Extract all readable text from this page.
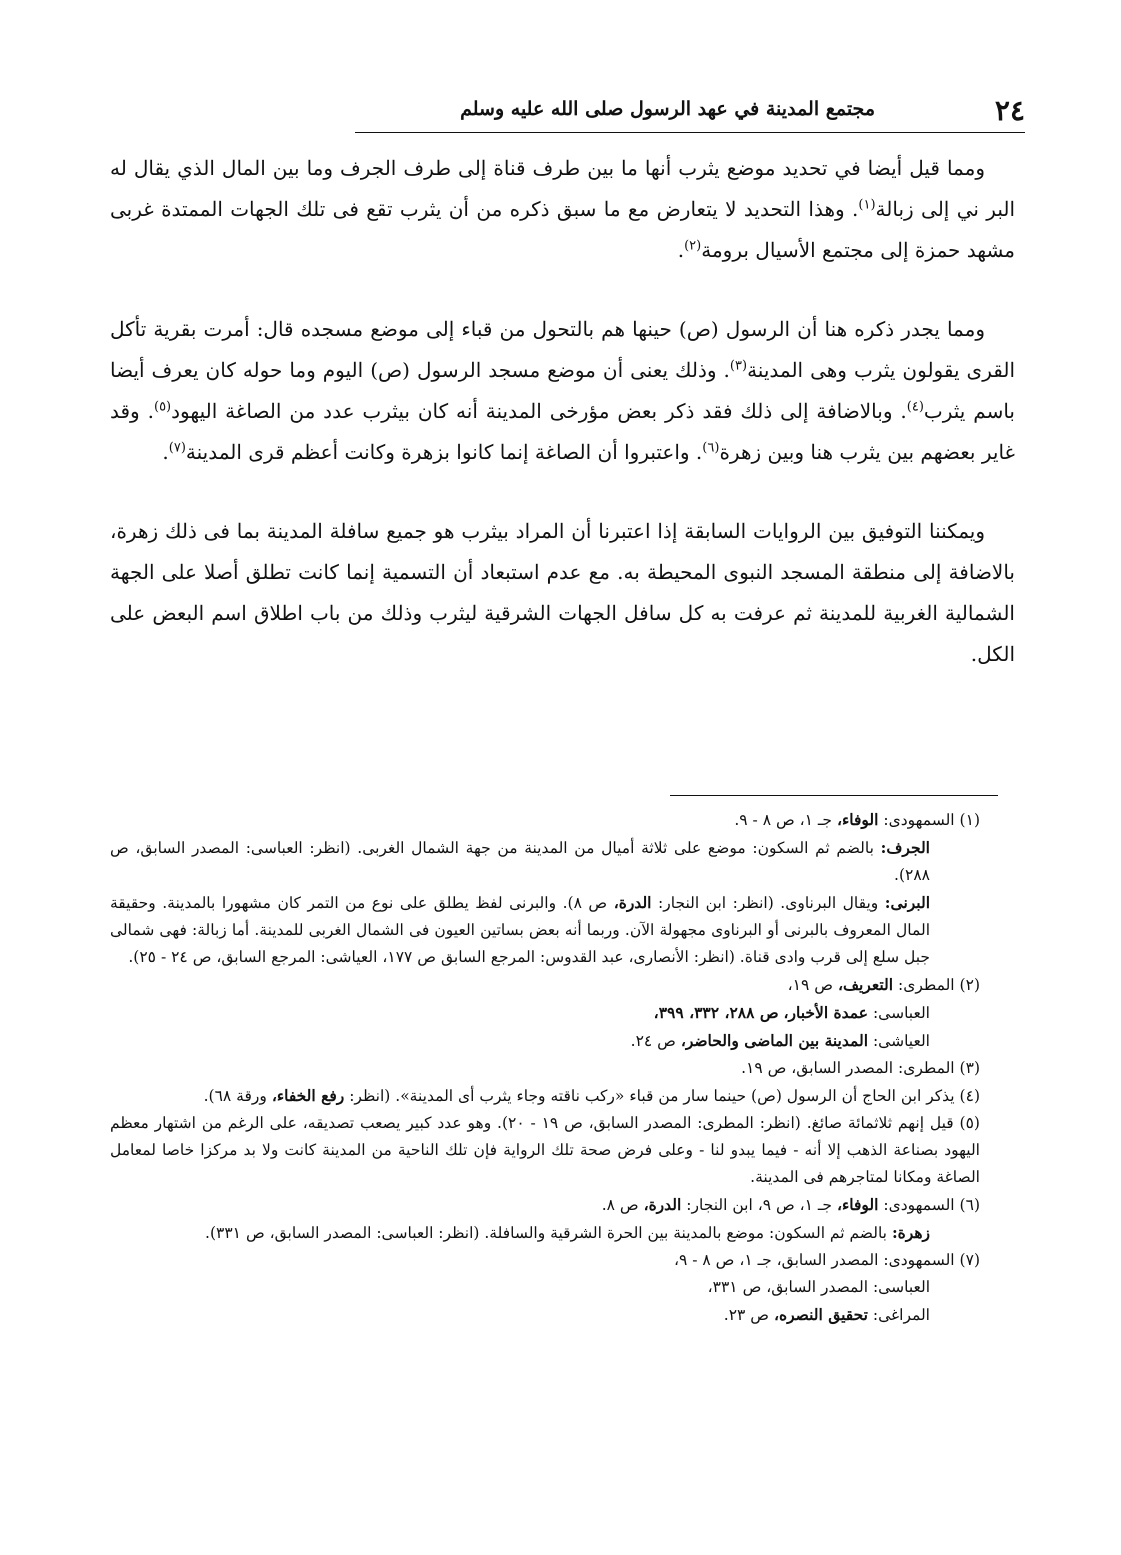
٢٤
مجتمع المدينة في عهد الرسول صلى الله عليه وسلم

ومما قيل أيضا في تحديد موضع يثرب أنها ما بين طرف قناة إلى طرف الجرف وما بين المال الذي يقال له البر ني إلى زبالة$^{(١)}$. وهذا التحديد لا يتعارض مع ما سبق ذكره من أن يثرب تقع فى تلك الجهات الممتدة غربى مشهد حمزة إلى مجتمع الأسيال برومة$^{(٢)}$.

ومما يجدر ذكره هنا أن الرسول (ص) حينها هم بالتحول من قباء إلى موضع مسجده قال: أمرت بقرية تأكل القرى يقولون يثرب وهى المدينة$^{(٣)}$. وذلك يعنى أن موضع مسجد الرسول (ص) اليوم وما حوله كان يعرف أيضا باسم يثرب$^{(٤)}$. وبالاضافة إلى ذلك فقد ذكر بعض مؤرخى المدينة أنه كان بيثرب عدد من الصاغة اليهود$^{(٥)}$. وقد غاير بعضهم بين يثرب هنا وبين زهرة$^{(٦)}$. واعتبروا أن الصاغة إنما كانوا بزهرة وكانت أعظم قرى المدينة$^{(٧)}$.

ويمكننا التوفيق بين الروايات السابقة إذا اعتبرنا أن المراد بيثرب هو جميع سافلة المدينة بما فى ذلك زهرة، بالاضافة إلى منطقة المسجد النبوى المحيطة به. مع عدم استبعاد أن التسمية إنما كانت تطلق أصلا على الجهة الشمالية الغربية للمدينة ثم عرفت به كل سافل الجهات الشرقية ليثرب وذلك من باب اطلاق اسم البعض على الكل.

(١) السمهودى: الوفاء، جـ ١، ص ٨ - ٩.

الجرف: بالضم ثم السكون: موضع على ثلاثة أميال من المدينة من جهة الشمال الغربى. (انظر: العباسى: المصدر السابق، ص ٢٨٨).

البرنى: ويقال البرناوى. (انظر: ابن النجار: الدرة، ص ٨). والبرنى لفظ يطلق على نوع من التمر كان مشهورا بالمدينة. وحقيقة المال المعروف بالبرنى أو البرناوى مجهولة الآن. وربما أنه بعض بساتين العيون فى الشمال الغربى للمدينة. أما زبالة: فهى شمالى جبل سلع إلى قرب وادى قناة. (انظر: الأنصارى، عبد القدوس: المرجع السابق ص ١٧٧، العياشى: المرجع السابق، ص ٢٤ - ٢٥).

(٢) المطرى: التعريف، ص ١٩،

العباسى: عمدة الأخبار، ص ٢٨٨، ٣٣٢، ٣٩٩،

العياشى: المدينة بين الماضى والحاضر، ص ٢٤.

(٣) المطرى: المصدر السابق، ص ١٩.

(٤) يذكر ابن الحاج أن الرسول (ص) حينما سار من قباء «ركب ناقته وجاء يثرب أى المدينة». (انظر: رفع الخفاء، ورقة ٦٨).

(٥) قيل إنهم ثلاثمائة صائغ. (انظر: المطرى: المصدر السابق، ص ١٩ - ٢٠). وهو عدد كبير يصعب تصديقه، على الرغم من اشتهار معظم اليهود بصناعة الذهب إلا أنه - فيما يبدو لنا - وعلى فرض صحة تلك الرواية فإن تلك الناحية من المدينة كانت ولا بد مركزا خاصا لمعامل الصاغة ومكانا لمتاجرهم فى المدينة.

(٦) السمهودى: الوفاء، جـ ١، ص ٩، ابن النجار: الدرة، ص ٨.

زهرة: بالضم ثم السكون: موضع بالمدينة بين الحرة الشرقية والسافلة. (انظر: العباسى: المصدر السابق، ص ٣٣١).

(٧) السمهودى: المصدر السابق، جـ ١، ص ٨ - ٩،

العباسى: المصدر السابق، ص ٣٣١،

المراغى: تحقيق النصره، ص ٢٣.
